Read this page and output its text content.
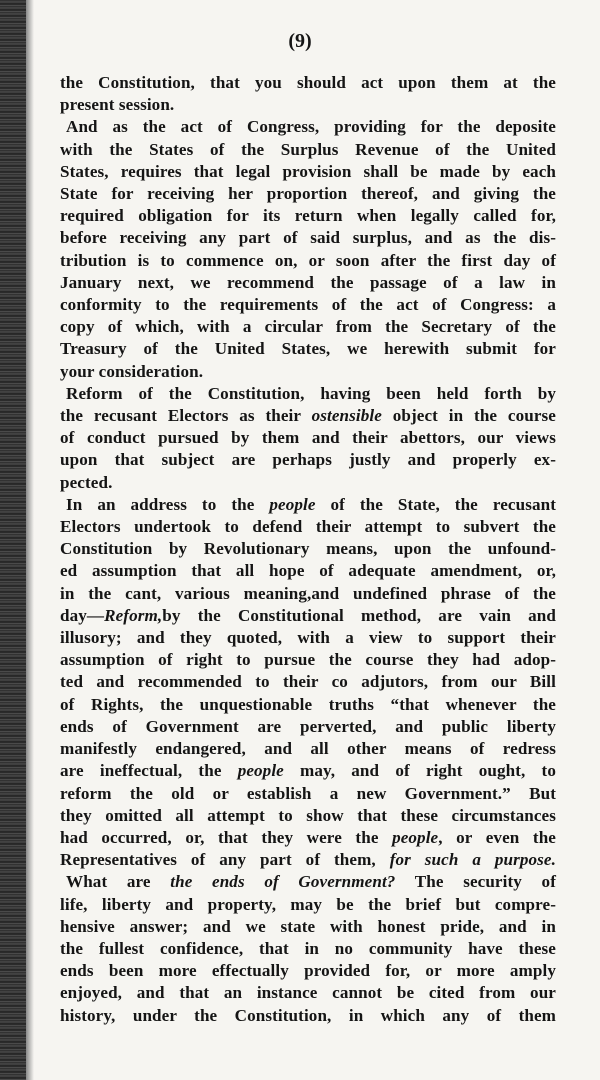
(9)
the Constitution, that you should act upon them at the
present session.
And as the act of Congress, providing for the deposite
with the States of the Surplus Revenue of the United
States, requires that legal provision shall be made by each
State for receiving her proportion thereof, and giving the
required obligation for its return when legally called for,
before receiving any part of said surplus, and as the dis-
tribution is to commence on, or soon after the first day of
January next, we recommend the passage of a law in
conformity to the requirements of the act of Congress: a
copy of which, with a circular from the Secretary of the
Treasury of the United States, we herewith submit for
your consideration.
Reform of the Constitution, having been held forth by
the recusant Electors as their ostensible object in the course
of conduct pursued by them and their abettors, our views
upon that subject are perhaps justly and properly ex-
pected.
In an address to the people of the State, the recusant
Electors undertook to defend their attempt to subvert the
Constitution by Revolutionary means, upon the unfound-
ed assumption that all hope of adequate amendment, or,
in the cant, various meaning,and undefined phrase of the
day—Reform,by the Constitutional method, are vain and
illusory; and they quoted, with a view to support their
assumption of right to pursue the course they had adop-
ted and recommended to their co adjutors, from our Bill
of Rights, the unquestionable truths “that whenever the
ends of Government are perverted, and public liberty
manifestly endangered, and all other means of redress
are ineffectual, the people may, and of right ought, to
reform the old or establish a new Government.” But
they omitted all attempt to show that these circumstances
had occurred, or, that they were the people, or even the
Representatives of any part of them, for such a purpose.
What are the ends of Government? The security of
life, liberty and property, may be the brief but compre-
hensive answer; and we state with honest pride, and in
the fullest confidence, that in no community have these
ends been more effectually provided for, or more amply
enjoyed, and that an instance cannot be cited from our
history, under the Constitution, in which any of them
